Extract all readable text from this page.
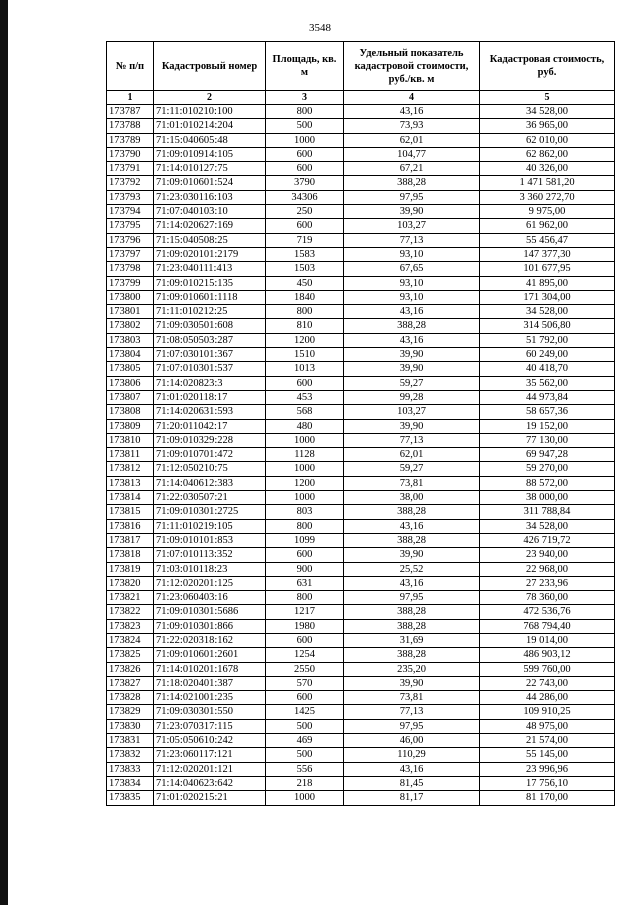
3548
№ п/п	Кадастровый номер	Площадь, кв. м	Удельный показатель кадастровой стоимости, руб./кв. м	Кадастровая стоимость, руб.
1	2	3	4	5
173787	71:11:010210:100	800	43,16	34 528,00
173788	71:01:010214:204	500	73,93	36 965,00
173789	71:15:040605:48	1000	62,01	62 010,00
173790	71:09:010914:105	600	104,77	62 862,00
173791	71:14:010127:75	600	67,21	40 326,00
173792	71:09:010601:524	3790	388,28	1 471 581,20
173793	71:23:030116:103	34306	97,95	3 360 272,70
173794	71:07:040103:10	250	39,90	9 975,00
173795	71:14:020627:169	600	103,27	61 962,00
173796	71:15:040508:25	719	77,13	55 456,47
173797	71:09:020101:2179	1583	93,10	147 377,30
173798	71:23:040111:413	1503	67,65	101 677,95
173799	71:09:010215:135	450	93,10	41 895,00
173800	71:09:010601:1118	1840	93,10	171 304,00
173801	71:11:010212:25	800	43,16	34 528,00
173802	71:09:030501:608	810	388,28	314 506,80
173803	71:08:050503:287	1200	43,16	51 792,00
173804	71:07:030101:367	1510	39,90	60 249,00
173805	71:07:010301:537	1013	39,90	40 418,70
173806	71:14:020823:3	600	59,27	35 562,00
173807	71:01:020118:17	453	99,28	44 973,84
173808	71:14:020631:593	568	103,27	58 657,36
173809	71:20:011042:17	480	39,90	19 152,00
173810	71:09:010329:228	1000	77,13	77 130,00
173811	71:09:010701:472	1128	62,01	69 947,28
173812	71:12:050210:75	1000	59,27	59 270,00
173813	71:14:040612:383	1200	73,81	88 572,00
173814	71:22:030507:21	1000	38,00	38 000,00
173815	71:09:010301:2725	803	388,28	311 788,84
173816	71:11:010219:105	800	43,16	34 528,00
173817	71:09:010101:853	1099	388,28	426 719,72
173818	71:07:010113:352	600	39,90	23 940,00
173819	71:03:010118:23	900	25,52	22 968,00
173820	71:12:020201:125	631	43,16	27 233,96
173821	71:23:060403:16	800	97,95	78 360,00
173822	71:09:010301:5686	1217	388,28	472 536,76
173823	71:09:010301:866	1980	388,28	768 794,40
173824	71:22:020318:162	600	31,69	19 014,00
173825	71:09:010601:2601	1254	388,28	486 903,12
173826	71:14:010201:1678	2550	235,20	599 760,00
173827	71:18:020401:387	570	39,90	22 743,00
173828	71:14:021001:235	600	73,81	44 286,00
173829	71:09:030301:550	1425	77,13	109 910,25
173830	71:23:070317:115	500	97,95	48 975,00
173831	71:05:050610:242	469	46,00	21 574,00
173832	71:23:060117:121	500	110,29	55 145,00
173833	71:12:020201:121	556	43,16	23 996,96
173834	71:14:040623:642	218	81,45	17 756,10
173835	71:01:020215:21	1000	81,17	81 170,00
